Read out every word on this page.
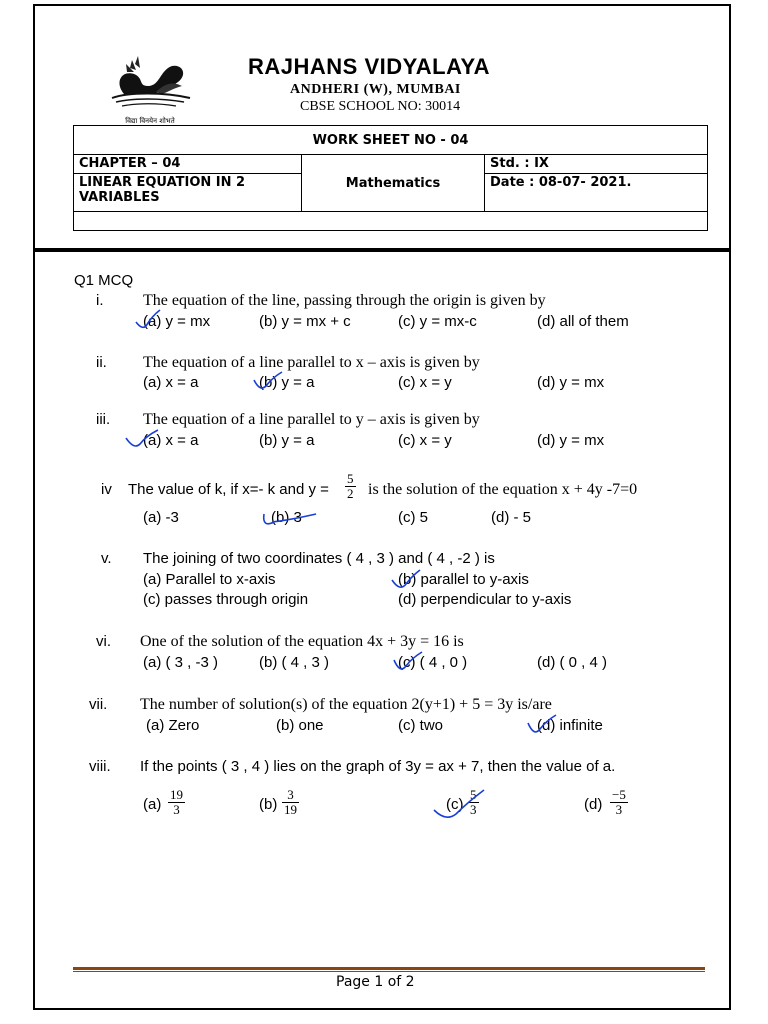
विद्या विनयेन शोभते
RAJHANS VIDYALAYA
ANDHERI (W), MUMBAI
CBSE SCHOOL NO: 30014
WORK SHEET NO - 04		
CHAPTER – 04	Mathematics	Std. : IX
LINEAR EQUATION IN 2 VARIABLES		Date : 08-07- 2021.

Q1 MCQ
i. The equation of the line, passing through the origin is given by
(a) y = mx	(b) y = mx + c	(c) y = mx-c	(d) all of them
ii. The equation of a line parallel to x – axis is given by
(a) x = a	(b) y = a	(c) x = y	(d) y = mx
iii. The equation of a line parallel to y – axis is given by
(a) x = a	(b) y = a	(c) x = y	(d) y = mx
iv The value of k, if x=- k and $y = \frac{5}{2}$ is the solution of the equation x + 4y -7=0
(a) -3	(b) 3	(c) 5	(d) - 5
v. The joining of two coordinates ( 4 , 3 ) and ( 4 , -2 ) is
(a) Parallel to x-axis	(b) parallel to y-axis
(c) passes through origin	(d) perpendicular to y-axis
vi. One of the solution of the equation 4x + 3y = 16 is
(a) ( 3 , -3 )	(b) ( 4 , 3 )	(c) ( 4 , 0 )	(d) ( 0 , 4 )
vii. The number of solution(s) of the equation 2(y+1) + 5 = 3y is/are
(a) Zero	(b) one	(c) two	(d) infinite
viii. If the points ( 3 , 4 ) lies on the graph of 3y = ax + 7, then the value of a.
$(a) \frac{19}{3}$	$(b) \frac{3}{19}$	$(c) \frac{5}{3}$	$(d) \frac{-5}{3}$
Page 1 of 2
